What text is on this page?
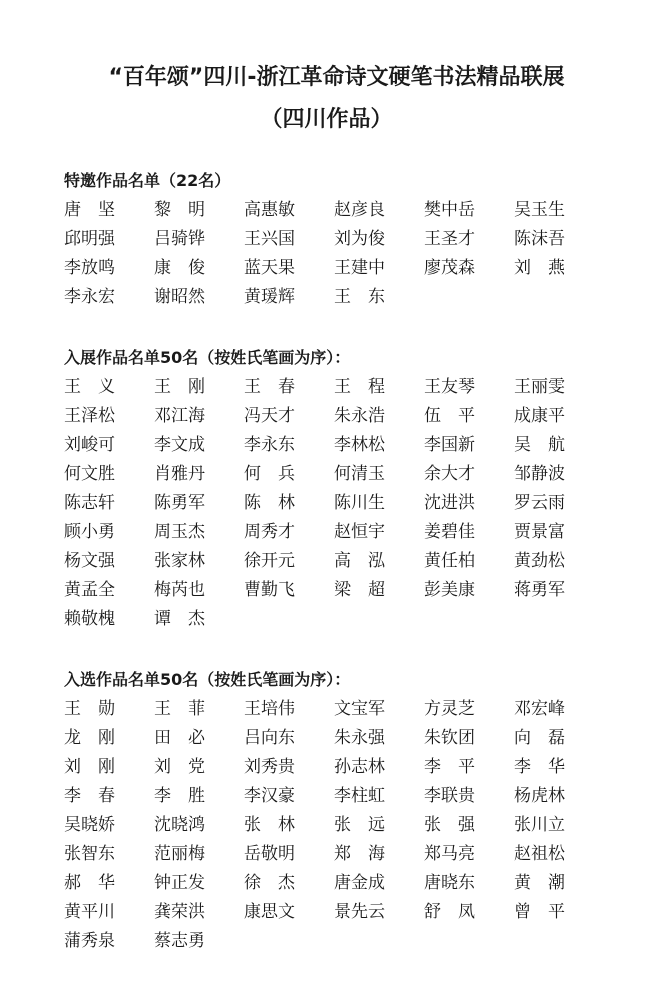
“百年颂”四川-浙江革命诗文硬笔书法精品联展
（四川作品）
特邀作品名单（22名）
唐　坚	黎　明	高惠敏	赵彦良	樊中岳	吴玉生
邱明强	吕骑铧	王兴国	刘为俊	王圣才	陈沫吾
李放鸣	康　俊	蓝天果	王建中	廖茂森	刘　燕
李永宏	谢昭然	黄瑗辉	王　东
入展作品名单50名（按姓氏笔画为序）：
王　义	王　刚	王　春	王　程	王友琴	王丽雯
王泽松	邓江海	冯天才	朱永浩	伍　平	成康平
刘峻可	李文成	李永东	李林松	李国新	吴　航
何文胜	肖雅丹	何　兵	何清玉	余大才	邹静波
陈志轩	陈勇军	陈　林	陈川生	沈进洪	罗云雨
顾小勇	周玉杰	周秀才	赵恒宇	姜碧佳	贾景富
杨文强	张家林	徐开元	高　泓	黄任柏	黄劲松
黄孟全	梅芮也	曹勤飞	梁　超	彭美康	蒋勇军
赖敬槐	谭　杰
入选作品名单50名（按姓氏笔画为序）：
王　勋	王　菲	王培伟	文宝军	方灵芝	邓宏峰
龙　刚	田　必	吕向东	朱永强	朱钦团	向　磊
刘　刚	刘　党	刘秀贵	孙志林	李　平	李　华
李　春	李　胜	李汉豪	李柱虹	李联贵	杨虎林
吴晓娇	沈晓鸿	张　林	张　远	张　强	张川立
张智东	范丽梅	岳敬明	郑　海	郑马亮	赵祖松
郝　华	钟正发	徐　杰	唐金成	唐晓东	黄　潮
黄平川	龚荣洪	康思文	景先云	舒　凤	曾　平
蒲秀泉	蔡志勇
